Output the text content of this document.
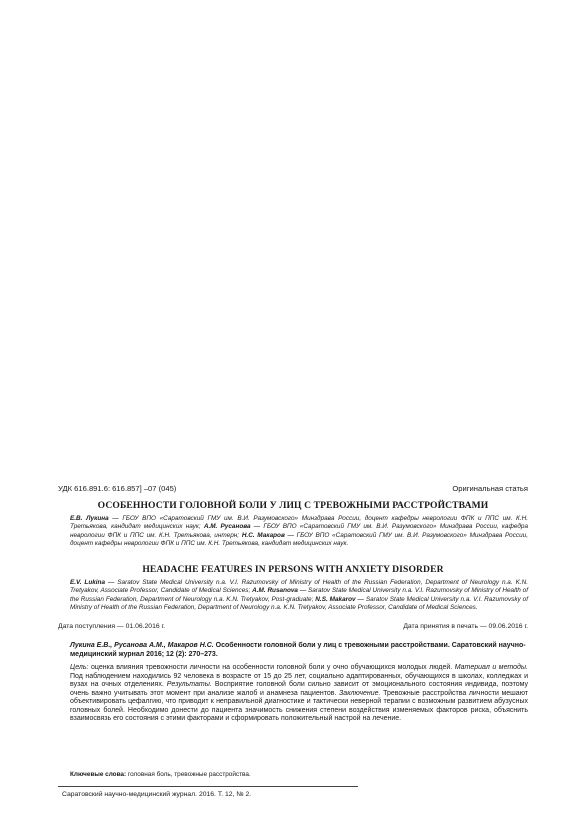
УДК 616.891.6: 616.857] –07 (045)	Оригинальная статья
ОСОБЕННОСТИ ГОЛОВНОЙ БОЛИ У ЛИЦ С ТРЕВОЖНЫМИ РАССТРОЙСТВАМИ
Е.В. Лукина — ГБОУ ВПО «Саратовский ГМУ им. В.И. Разумовского» Минздрава России, доцент кафедры неврологии ФПК и ППС им. К.Н. Третьякова, кандидат медицинских наук; А.М. Русанова — ГБОУ ВПО «Саратовский ГМУ им. В.И. Разумовского» Минздрава России, кафедра неврологии ФПК и ППС им. К.Н. Третьякова, интерн; Н.С. Макаров — ГБОУ ВПО «Саратовский ГМУ им. В.И. Разумовского» Минздрава России, доцент кафедры неврологии ФПК и ППС им. К.Н. Третьякова, кандидат медицинских наук.
HEADACHE FEATURES IN PERSONS WITH ANXIETY DISORDER
E.V. Lukina — Saratov State Medical University n.a. V.I. Razumovsky of Ministry of Health of the Russian Federation, Department of Neurology n.a. K.N. Tretyakov, Associate Professor, Candidate of Medical Sciences; A.M. Rusanova — Saratov State Medical University n.a. V.I. Razumovsky of Ministry of Health of the Russian Federation, Department of Neurology n.a. K.N. Tretyakov, Post-graduate; N.S. Makarov — Saratov State Medical University n.a. V.I. Razumovsky of Ministry of Health of the Russian Federation, Department of Neurology n.a. K.N. Tretyakov, Associate Professor, Candidate of Medical Sciences.
Дата поступления — 01.06.2016 г.	Дата принятия в печать — 09.06.2016 г.
Лукина Е.В., Русанова А.М., Макаров Н.С. Особенности головной боли у лиц с тревожными расстройствами. Саратовский научно-медицинский журнал 2016; 12 (2): 270–273.
Цель: оценка влияния тревожности личности на особенности головной боли у очно обучающихся молодых людей. Материал и методы. Под наблюдением находились 92 человека в возрасте от 15 до 25 лет, социально адаптированных, обучающихся в школах, колледжах и вузах на очных отделениях. Результаты. Восприятие головной боли сильно зависит от эмоционального состояния индивида, поэтому очень важно учитывать этот момент при анализе жалоб и анамнеза пациентов. Заключение. Тревожные расстройства личности мешают объективировать цефалгию, что приводит к неправильной диагностике и тактически неверной терапии с возможным развитием абузусных головных болей. Необходимо донести до пациента значимость снижения степени воздействия изменяемых факторов риска, объяснить взаимосвязь его состояния с этими факторами и сформировать положительный настрой на лечение.
Ключевые слова: головная боль, тревожные расстройства.
Саратовский научно-медицинский журнал. 2016. Т. 12, № 2.
